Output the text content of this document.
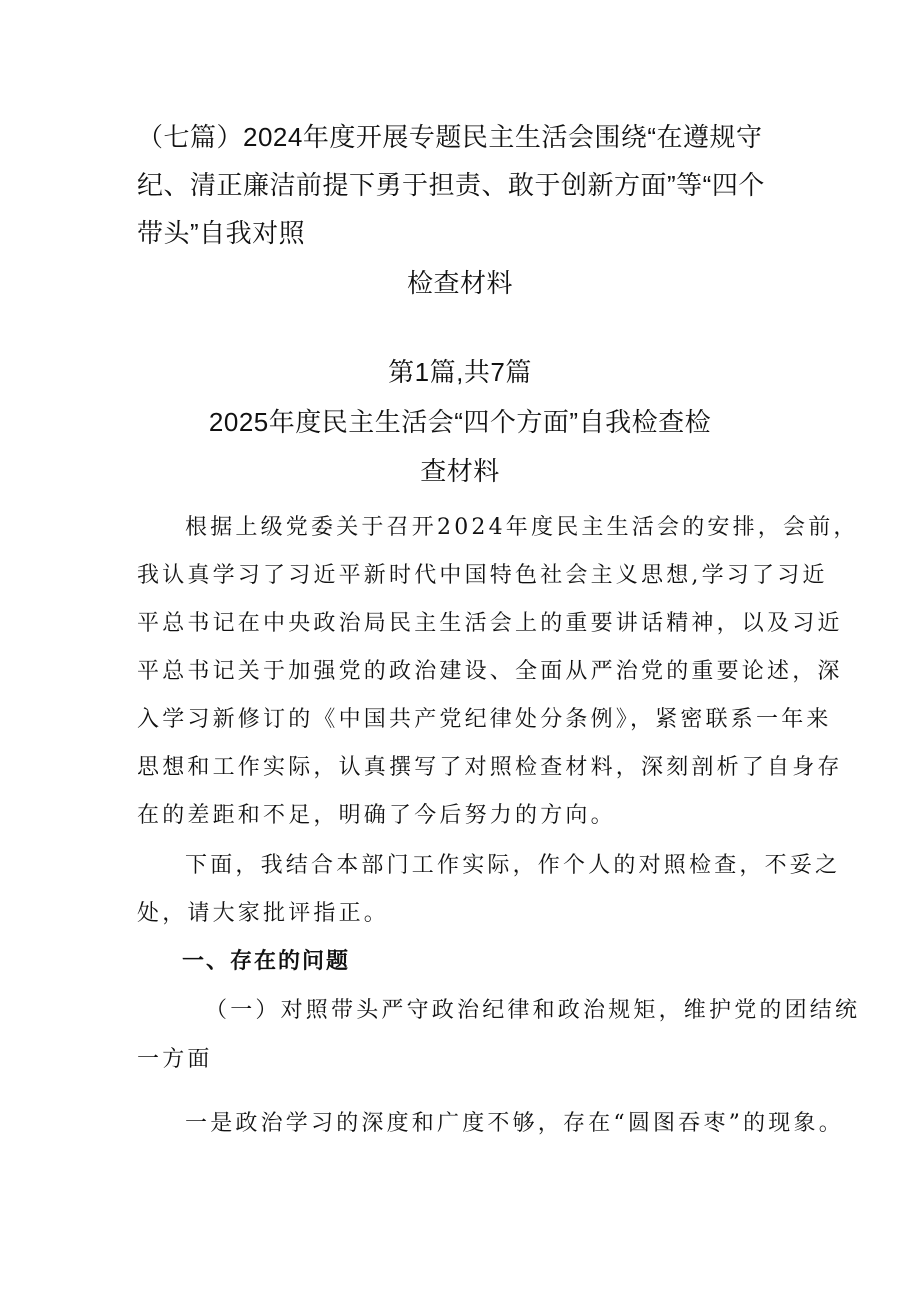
（七篇）2024年度开展专题民主生活会围绕“在遵规守
纪、清正廉洁前提下勇于担责、敢于创新方面”等“四个
带头”自我对照
检查材料
第1篇,共7篇
2025年度民主生活会“四个方面”自我检查检
查材料
根据上级党委关于召开2024年度民主生活会的安排，会前，
我认真学习了习近平新时代中国特色社会主义思想,学习了习近
平总书记在中央政治局民主生活会上的重要讲话精神，以及习近
平总书记关于加强党的政治建设、全面从严治党的重要论述，深
入学习新修订的《中国共产党纪律处分条例》，紧密联系一年来
思想和工作实际，认真撰写了对照检查材料，深刻剖析了自身存
在的差距和不足，明确了今后努力的方向。
下面，我结合本部门工作实际，作个人的对照检查，不妥之
处，请大家批评指正。
一、存在的问题
（一）对照带头严守政治纪律和政治规矩，维护党的团结统
一方面
一是政治学习的深度和广度不够，存在“圆图吞枣”的现象。
